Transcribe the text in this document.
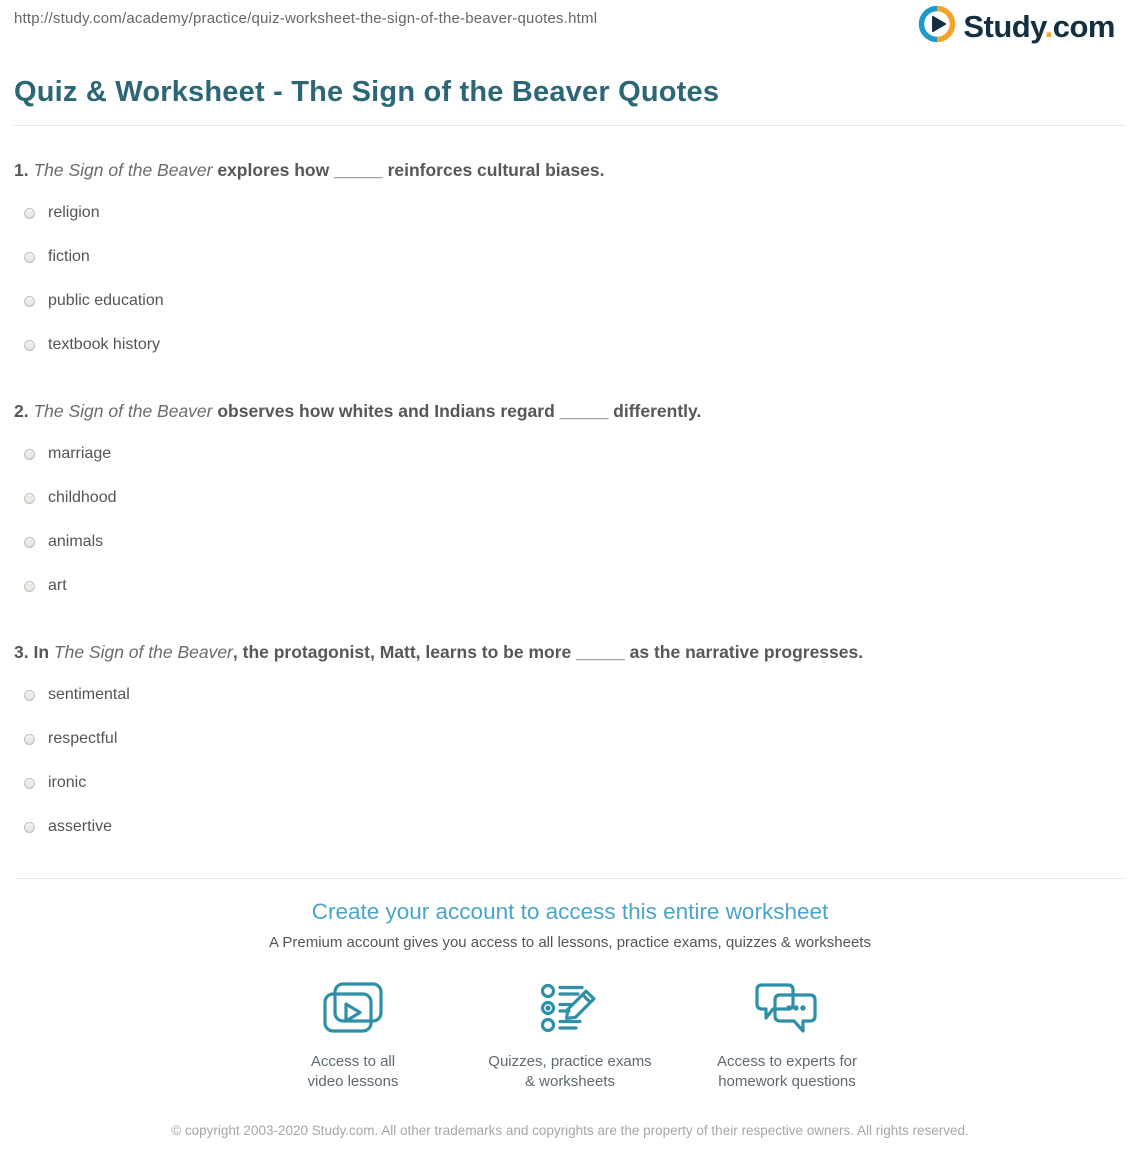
http://study.com/academy/practice/quiz-worksheet-the-sign-of-the-beaver-quotes.html	Study.com
Quiz & Worksheet - The Sign of the Beaver Quotes

1. The Sign of the Beaver explores how _____ reinforces cultural biases.

religion
fiction
public education
textbook history

2. The Sign of the Beaver observes how whites and Indians regard _____ differently.

marriage
childhood
animals
art

3. In The Sign of the Beaver, the protagonist, Matt, learns to be more _____ as the narrative progresses.

sentimental
respectful
ironic
assertive
Create your account to access this entire worksheet
A Premium account gives you access to all lessons, practice exams, quizzes & worksheets
Access to all
video lessons
Quizzes, practice exams
& worksheets
Access to experts for
homework questions
© copyright 2003-2020 Study.com. All other trademarks and copyrights are the property of their respective owners. All rights reserved.
